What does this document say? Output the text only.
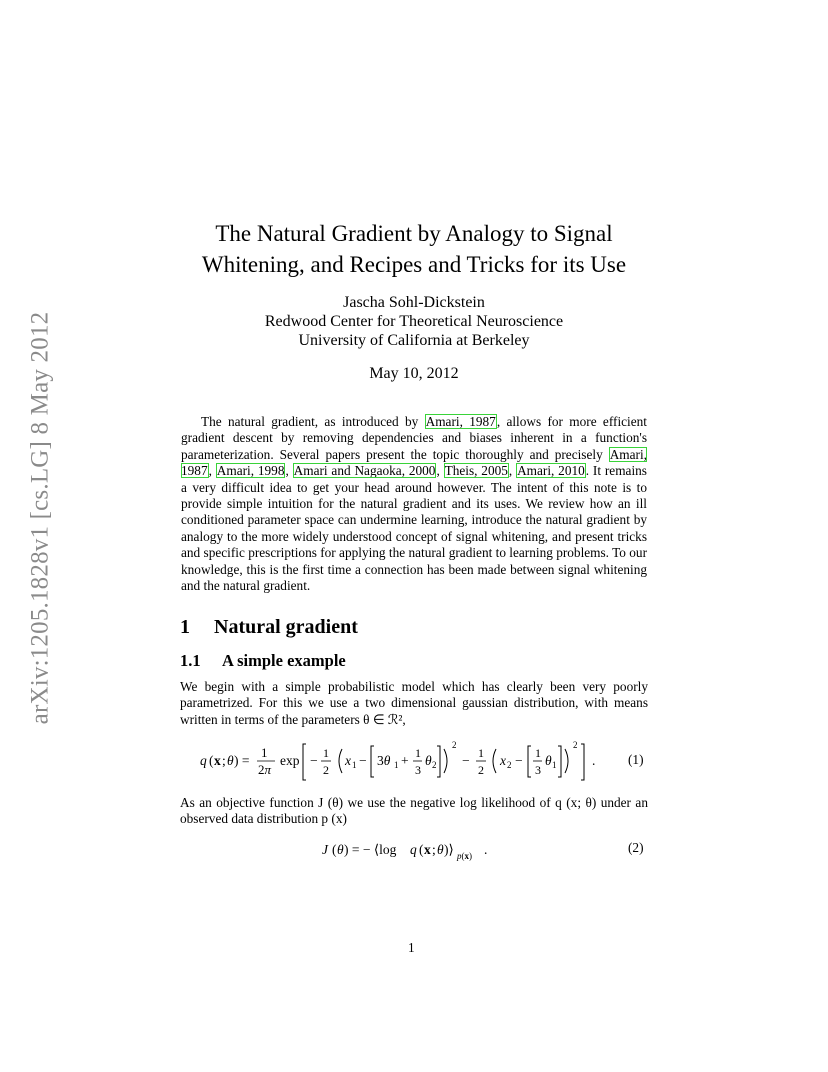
arXiv:1205.1828v1 [cs.LG] 8 May 2012
The Natural Gradient by Analogy to Signal
Whitening, and Recipes and Tricks for its Use
Jascha Sohl-Dickstein
Redwood Center for Theoretical Neuroscience
University of California at Berkeley
May 10, 2012
The natural gradient, as introduced by Amari, 1987, allows for more efficient gradient descent by removing dependencies and biases inherent in a function's parameterization. Several papers present the topic thoroughly and precisely Amari, 1987, Amari, 1998, Amari and Nagaoka, 2000, Theis, 2005, Amari, 2010. It remains a very difficult idea to get your head around however. The intent of this note is to provide simple intuition for the natural gradient and its uses. We review how an ill conditioned parameter space can undermine learning, introduce the natural gradient by analogy to the more widely understood concept of signal whitening, and present tricks and specific prescriptions for applying the natural gradient to learning problems. To our knowledge, this is the first time a connection has been made between signal whitening and the natural gradient.
1 Natural gradient
1.1 A simple example
We begin with a simple probabilistic model which has clearly been very poorly parametrized. For this we use a two dimensional gaussian distribution, with means written in terms of the parameters θ ∈ ℛ²,
q ( x ; θ ) =
1
2π
exp − 1
2
x 1 − 3θ 1 + 1
3
θ 2
2
− 1
2
x 2 − 1
3
θ 1
2
. (1)
As an objective function J (θ) we use the negative log likelihood of q (x; θ) under an observed data distribution p (x)
J ( θ ) = − ⟨log q ( x ; θ )⟩ p(x) .	(2)
1
